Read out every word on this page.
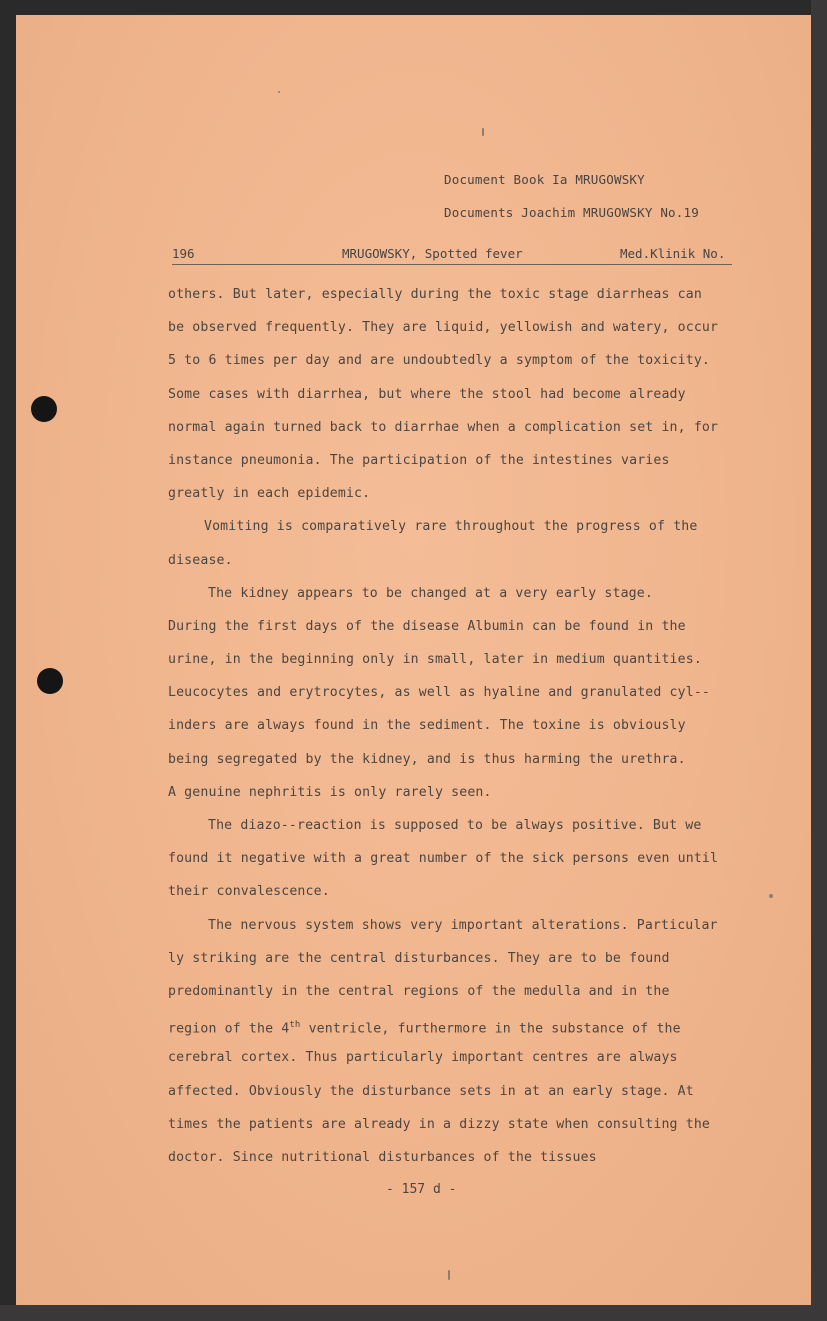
Document Book Ia MRUGOWSKY
Documents Joachim MRUGOWSKY No.19
196	MRUGOWSKY, Spotted fever	Med.Klinik No.
others. But later, especially during the toxic stage diarrheas can
be observed frequently. They are liquid, yellowish and watery, occur
5 to 6 times per day and are undoubtedly a symptom of the toxicity.
Some cases with diarrhea, but where the stool had become already
normal again turned back to diarrhae when a complication set in, for
instance pneumonia. The participation of the intestines varies
greatly in each epidemic.
Vomiting is comparatively rare throughout the progress of the
disease.
The kidney appears to be changed at a very early stage.
During the first days of the disease Albumin can be found in the
urine, in the beginning only in small, later in medium quantities.
Leucocytes and erytrocytes, as well as hyaline and granulated cyl--
inders are always found in the sediment. The toxine is obviously
being segregated by the kidney, and is thus harming the urethra.
A genuine nephritis is only rarely seen.
The diazo--reaction is supposed to be always positive. But we
found it negative with a great number of the sick persons even until
their convalescence.
The nervous system shows very important alterations. Particular
ly striking are the central disturbances. They are to be found
predominantly in the central regions of the medulla and in the
region of the 4th ventricle, furthermore in the substance of the
cerebral cortex. Thus particularly important centres are always
affected. Obviously the disturbance sets in at an early stage. At
times the patients are already in a dizzy state when consulting the
doctor. Since nutritional disturbances of the tissues
- 157 d -
